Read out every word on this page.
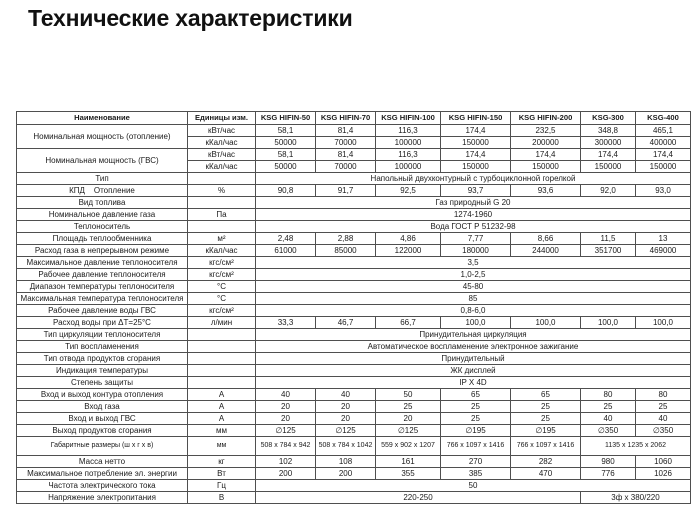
Технические характеристики
Наименование	Единицы изм.	KSG HIFIN-50	KSG HIFIN-70	KSG HIFIN-100	KSG HIFIN-150	KSG HIFIN-200	KSG-300	KSG-400
Номинальная мощность (отопление)	кВт/час	58,1	81,4	116,3	174,4	232,5	348,8	465,1
	кКал/час	50000	70000	100000	150000	200000	300000	400000
Номинальная мощность (ГВС)	кВт/час	58,1	81,4	116,3	174,4	174,4	174,4	174,4
	кКал/час	50000	70000	100000	150000	150000	150000	150000
Тип		Напольный двухконтурный с турбоциклонной горелкой						
КПД    Отопление	%	90,8	91,7	92,5	93,7	93,6	92,0	93,0
Вид топлива		Газ природный G 20						
Номинальное давление газа	Па	1274-1960						
Теплоноситель		Вода ГОСТ Р 51232-98						
Площадь теплообменника	м²	2,48	2,88	4,86	7,77	8,66	11,5	13
Расход газа в непрерывном режиме	кКал/час	61000	85000	122000	180000	244000	351700	469000
Максимальное давление теплоносителя	кгс/см²	3,5						
Рабочее давление теплоносителя	кгс/см²	1,0-2,5						
Диапазон температуры теплоносителя	°С	45-80						
Максимальная температура теплоносителя	°С	85						
Рабочее давление воды ГВС	кгс/см²	0,8-6,0						
Расход воды при ΔТ=25°С	л/мин	33,3	46,7	66,7	100,0	100,0	100,0	100,0
Тип циркуляции теплоносителя		Принудительная циркуляция						
Тип воспламенения		Автоматическое воспламенение электронное зажигание						
Тип отвода продуктов сгорания		Принудительный						
Индикация температуры		ЖК дисплей						
Степень защиты		IP X 4D						
Вход и выход контура отопления	А	40	40	50	65	65	80	80
Вход газа	А	20	20	25	25	25	25	25
Вход и выход ГВС	А	20	20	20	25	25	40	40
Выход продуктов сгорания	мм	∅125	∅125	∅125	∅195	∅195	∅350	∅350
Габаритные размеры (ш х г х в)	мм	508 x 784 x 942	508 x 784 x 1042	559 x 902 x 1207	766 x 1097 x 1416	766 x 1097 x 1416	1135 x 1235 x 2062	
Масса нетто	кг	102	108	161	270	282	980	1060
Максимальное потребление эл. энергии	Вт	200	200	355	385	470	776	1026
Частота электрического тока	Гц	50						
Напряжение электропитания	В	220-250					3ф x 380/220	
